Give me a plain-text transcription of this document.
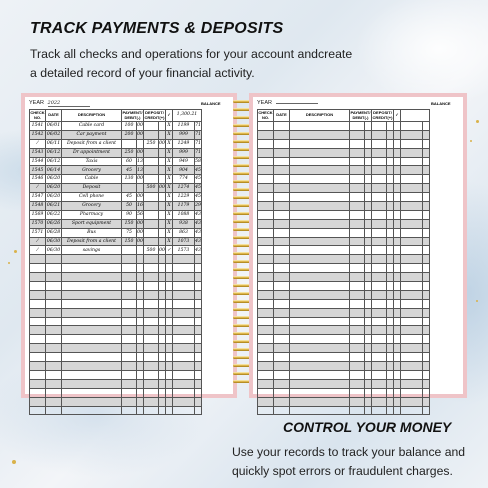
TRACK PAYMENTS & DEPOSITS

Track all checks and operations for your account andcreate a detailed record of your financial activity.

YEAR 2022	BALANCE
CHECK NO.	DATE	DESCRIPTION	PAYMENT/ DEBIT(-)		DEPOSIT/ CREDIT(+)		✓	1,300.21	
1541	06/01	Cable card	100	00			X	1199	71
1542	06/02	Car payment	200	00			X	999	71
⁄	06/11	Deposit from a client			250	00	X	1249	71
1543	06/12	Dr appointment	250	00			X	999	71
1544	06/12	Taxis	60	13			X	949	58
1545	06/14	Grocery	45	13			X	904	45
1546	06/20	Cable	130	00			X	774	45
⁄	06/20	Deposit			500	00	X	1274	45
1547	06/20	Cell phone	45	00			X	1229	45
1548	06/21	Grocery	50	16			X	1179	29
1569	06/22	Pharmacy	90	56			X	1088	43
1570	06/26	Sport equipment	150	00			X	938	43
1571	06/28	Bus	75	00			X	863	43
⁄	06/30	Deposit from a client	150	00			X	1073	43
⁄	06/30	savings			500	00	✓	1573	43

YEAR	BALANCE
CHECK NO.	DATE	DESCRIPTION	PAYMENT/ DEBIT(-)		DEPOSIT/ CREDIT(+)		✓		

CONTROL YOUR MONEY

Use your records to track your balance and quickly spot errors or fraudulent charges.
